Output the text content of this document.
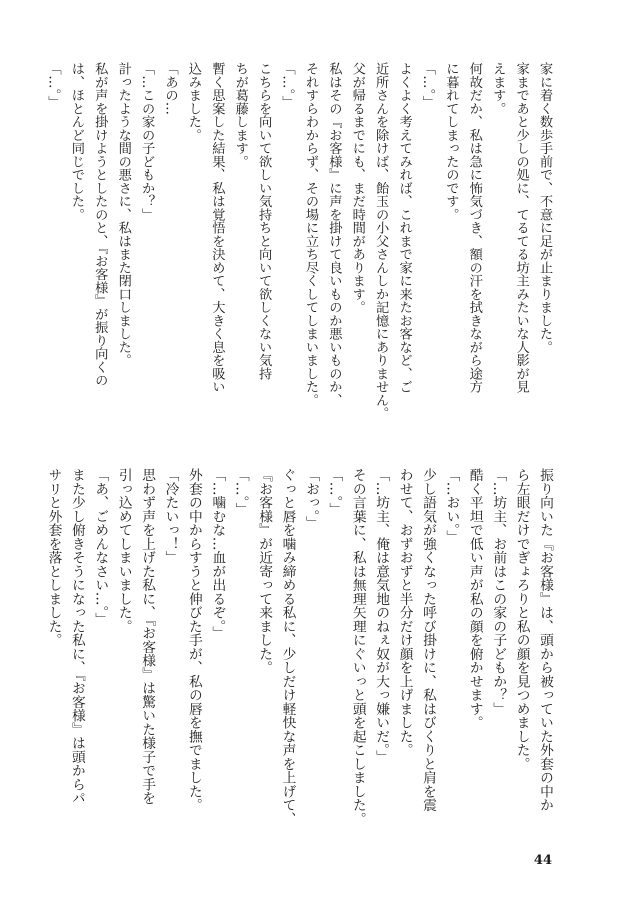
家に着く数歩手前で、不意に足が止まりました。
家まであと少しの処に、てるてる坊主みたいな人影が見
えます。
何故だか、私は急に怖気づき、額の汗を拭きながら途方
に暮れてしまったのです。
「…。」
よくよく考えてみれば、これまで家に来たお客など、ご
近所さんを除けば、飴玉の小父さんしか記憶にありません。
父が帰るまでにも、まだ時間があります。
私はその『お客様』に声を掛けて良いものか悪いものか、
それすらわからず、その場に立ち尽くしてしまいました。
「…。」
こちらを向いて欲しい気持ちと向いて欲しくない気持
ちが葛藤します。
暫く思案した結果、私は覚悟を決めて、大きく息を吸い
込みました。
「あの…
「…この家の子どもか？」
計ったような間の悪さに、私はまた閉口しました。
私が声を掛けようとしたのと、『お客様』が振り向くの
は、ほとんど同じでした。
「…。」
振り向いた『お客様』は、頭から被っていた外套の中か
ら左眼だけでぎょろりと私の顔を見つめました。
「…坊主、お前はこの家の子どもか？」
酷く平坦で低い声が私の顔を俯かせます。
「…おい。」
少し語気が強くなった呼び掛けに、私はびくりと肩を震
わせて、おずおずと半分だけ顔を上げました。
「…坊主、俺は意気地のねぇ奴が大っ嫌いだ。」
その言葉に、私は無理矢理にぐいっと頭を起こしました。
「…。」
「おっ。」
ぐっと唇を噛み締める私に、少しだけ軽快な声を上げて、
『お客様』が近寄って来ました。
「…。」
「…噛むな…血が出るぞ。」
外套の中からすうと伸びた手が、私の唇を撫でました。
「冷たいっ！」
思わず声を上げた私に、『お客様』は驚いた様子で手を
引っ込めてしまいました。
「あ、ごめんなさい…。」
また少し俯きそうになった私に、『お客様』は頭からパ
サリと外套を落としました。
44
